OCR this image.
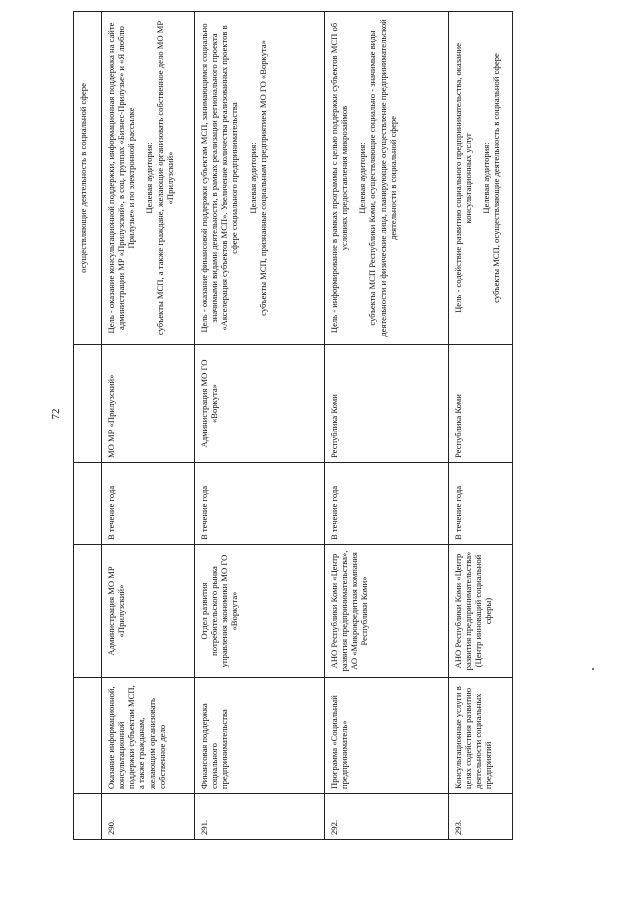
72
					осуществляющие деятельность в социальной сфере
290.	Оказание информационной, консультационной поддержки субъектам МСП, а также гражданам, желающим организовать собственное дело	Администрация МО МР «Прилузский»	В течение года	МО МР «Прилузский»	Цель - оказание консультационной поддержки, информационная поддержка на сайте администрации МР «Прилузский», в соц. группах «Бизнес-Прилузье» и «Я люблю Прилузье» и по электронной рассылке Целевая аудитория: субъекты МСП, а также граждане, желающие организовать собственное дело МО МР «Прилузский»

291.	Финансовая поддержка социального предпринимательства	Отдел развития потребительского рынка управления экономики МО ГО «Воркута»	В течение года	Администрация МО ГО «Воркута»	Цель - оказание финансовой поддержки субъектам МСП, занимающимся социально значимыми видами деятельности, в рамках реализации регионального проекта «Акселерация субъектов МСП». Увеличение количества реализованных проектов в сфере социального предпринимательства Целевая аудитория: субъекты МСП, признанные социальным предприятием МО ГО «Воркута»

292.	Программа «Социальный предприниматель»	АНО Республики Коми «Центр развития предпринимательства», АО «Микрокредитная компания Республики Коми»	В течение года	Республика Коми	Цель - информирование в рамках программы с целью поддержки субъектов МСП об условиях предоставления микрозаймов Целевая аудитория: субъекты МСП Республики Коми, осуществляющие социально - значимые виды деятельности и физические лица, планирующие осуществление предпринимательской деятельности в социальной сфере

293.	Консультационные услуги в целях содействия развитию деятельности социальных предприятий	АНО Республики Коми «Центр развития предпринимательства» (Центр инноваций социальной сферы)	В течение года	Республика Коми	Цель - содействие развитию социального предпринимательства, оказание консультационных услуг Целевая аудитория: субъекты МСП, осуществляющие деятельность в социальной сфере
